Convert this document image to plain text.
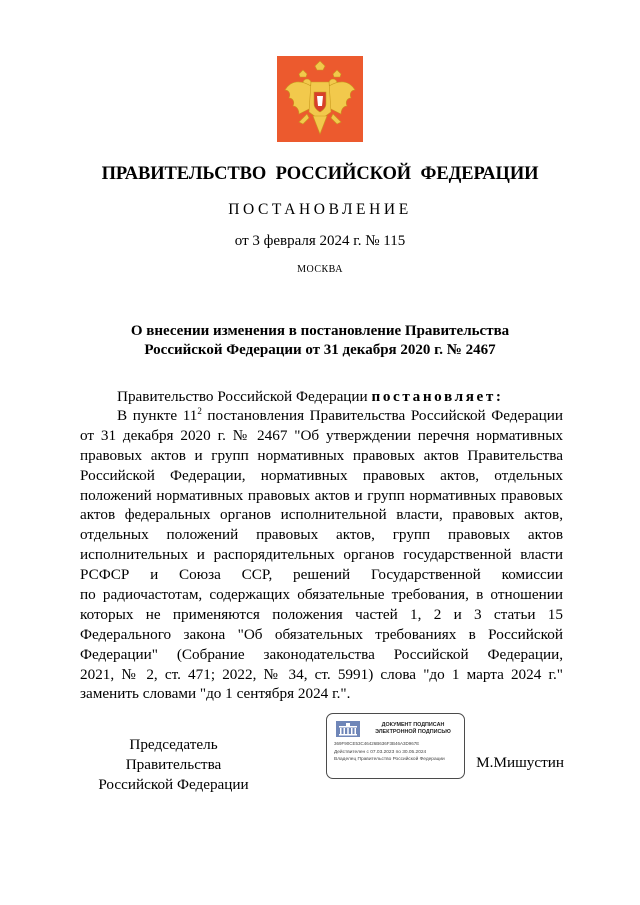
ПРАВИТЕЛЬСТВО РОССИЙСКОЙ ФЕДЕРАЦИИ
ПОСТАНОВЛЕНИЕ
от 3 февраля 2024 г. № 115
МОСКВА
О внесении изменения в постановление Правительства
Российской Федерации от 31 декабря 2020 г. № 2467
Правительство Российской Федерации постановляет:
В пункте $11^2$ постановления Правительства Российской Федерации
от 31 декабря 2020 г. № 2467 "Об утверждении перечня нормативных
правовых актов и групп нормативных правовых актов Правительства
Российской Федерации, нормативных правовых актов, отдельных
положений нормативных правовых актов и групп нормативных правовых
актов федеральных органов исполнительной власти, правовых актов,
отдельных положений правовых актов, групп правовых актов
исполнительных и распорядительных органов государственной власти
РСФСР и Союза ССР, решений Государственной комиссии
по радиочастотам, содержащих обязательные требования, в отношении
которых не применяются положения частей 1, 2 и 3 статьи 15
Федерального закона "Об обязательных требованиях в Российской
Федерации" (Собрание законодательства Российской Федерации,
2021, № 2, ст. 471; 2022, № 34, ст. 5991) слова "до 1 марта 2024 г."
заменить словами "до 1 сентября 2024 г.".
Председатель Правительства
Российской Федерации
ДОКУМЕНТ ПОДПИСАН
ЭЛЕКТРОННОЙ ПОДПИСЬЮ
369F90CE53C46426B636F3B46A3D967E
Действителен с 07.03.2023 по 30.05.2024
Владелец Правительство Российской Федерации	М.Мишустин
